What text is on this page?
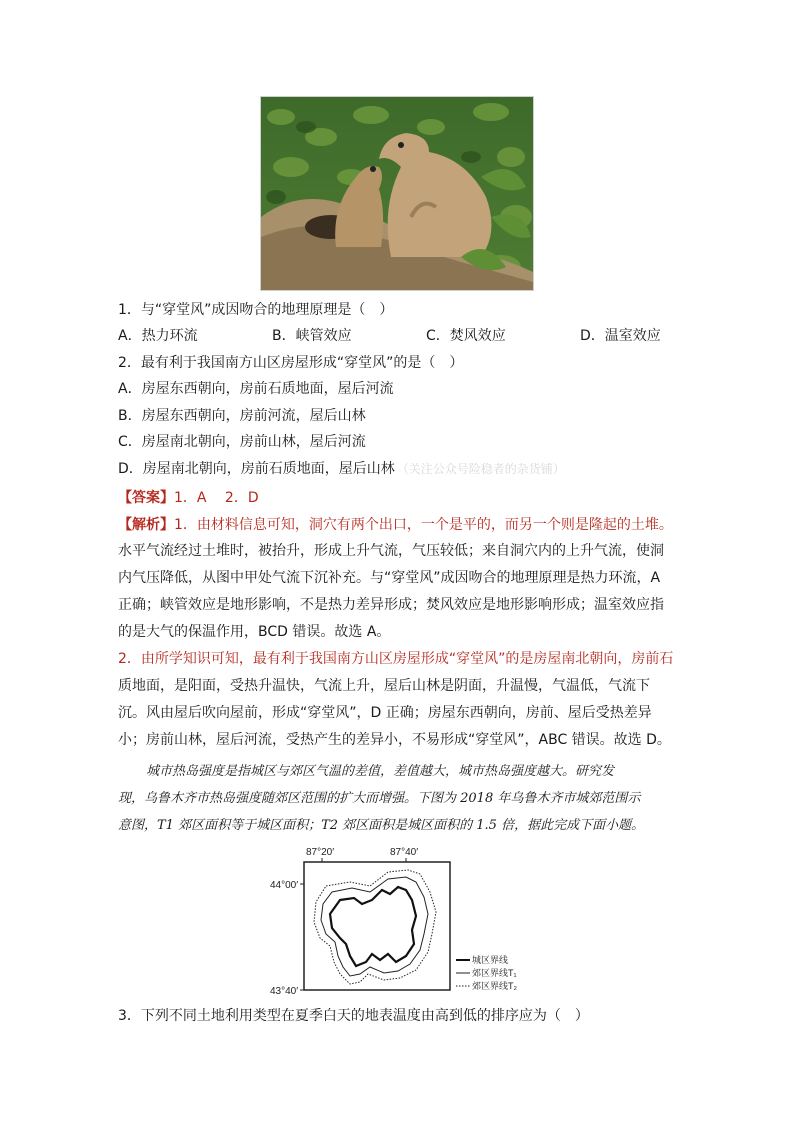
1．与“穿堂风”成因吻合的地理原理是（　）
A．热力环流	B．峡管效应	C．焚风效应	D．温室效应
2．最有利于我国南方山区房屋形成“穿堂风”的是（　）
A．房屋东西朝向，房前石质地面，屋后河流
B．房屋东西朝向，房前河流，屋后山林
C．房屋南北朝向，房前山林，屋后河流
D．房屋南北朝向，房前石质地面，屋后山林 （关注公众号险稳者的杂货铺）
【答案】1．A　 2．D
【解析】1．由材料信息可知，洞穴有两个出口，一个是平的，而另一个则是隆起的土堆。
水平气流经过土堆时，被抬升，形成上升气流，气压较低；来自洞穴内的上升气流，使洞
内气压降低，从图中甲处气流下沉补充。与“穿堂风”成因吻合的地理原理是热力环流，A
正确；峡管效应是地形影响，不是热力差异形成；焚风效应是地形影响形成；温室效应指
的是大气的保温作用，BCD 错误。故选 A。
2．由所学知识可知，最有利于我国南方山区房屋形成“穿堂风”的是房屋南北朝向，房前石
质地面，是阳面，受热升温快，气流上升，屋后山林是阴面，升温慢，气温低，气流下
沉。风由屋后吹向屋前，形成“穿堂风”，D 正确；房屋东西朝向，房前、屋后受热差异
小；房前山林，屋后河流，受热产生的差异小，不易形成“穿堂风”，ABC 错误。故选 D。
城市热岛强度是指城区与郊区气温的差值，差值越大，城市热岛强度越大。研究发
现，乌鲁木齐市热岛强度随郊区范围的扩大而增强。下图为 2018 年乌鲁木齐市城郊范围示
意图，T1 郊区面积等于城区面积；T2 郊区面积是城区面积的 1.5 倍，据此完成下面小题。
87°20′	87°40′
44°00′
43°40′
城区界线
郊区界线T₁
郊区界线T₂
3．下列不同土地利用类型在夏季白天的地表温度由高到低的排序应为（　）
